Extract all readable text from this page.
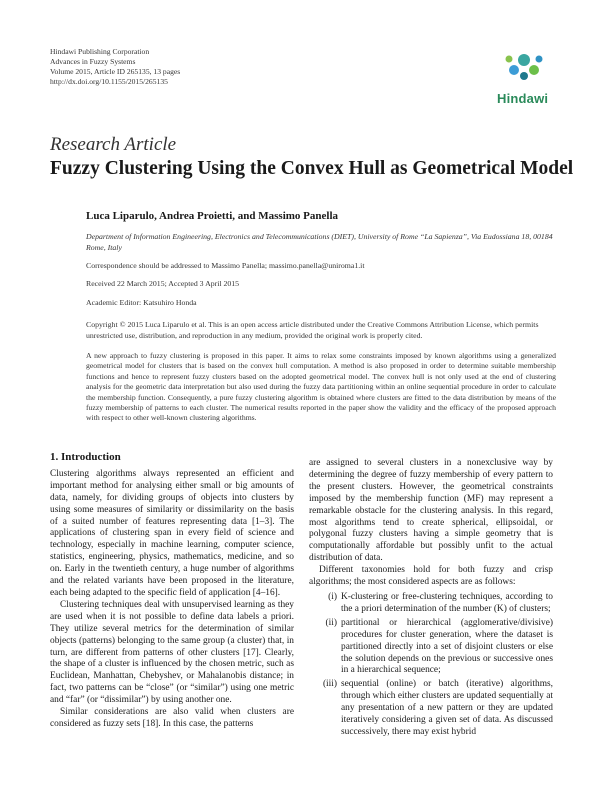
Hindawi Publishing Corporation
Advances in Fuzzy Systems
Volume 2015, Article ID 265135, 13 pages
http://dx.doi.org/10.1155/2015/265135
Hindawi
Research Article
Fuzzy Clustering Using the Convex Hull as Geometrical Model
Luca Liparulo, Andrea Proietti, and Massimo Panella
Department of Information Engineering, Electronics and Telecommunications (DIET), University of Rome “La Sapienza”, Via Eudossiana 18, 00184 Rome, Italy
Correspondence should be addressed to Massimo Panella; massimo.panella@uniroma1.it
Received 22 March 2015; Accepted 3 April 2015
Academic Editor: Katsuhiro Honda
Copyright © 2015 Luca Liparulo et al. This is an open access article distributed under the Creative Commons Attribution License, which permits unrestricted use, distribution, and reproduction in any medium, provided the original work is properly cited.
A new approach to fuzzy clustering is proposed in this paper. It aims to relax some constraints imposed by known algorithms using a generalized geometrical model for clusters that is based on the convex hull computation. A method is also proposed in order to determine suitable membership functions and hence to represent fuzzy clusters based on the adopted geometrical model. The convex hull is not only used at the end of clustering analysis for the geometric data interpretation but also used during the fuzzy data partitioning within an online sequential procedure in order to calculate the membership function. Consequently, a pure fuzzy clustering algorithm is obtained where clusters are fitted to the data distribution by means of the fuzzy membership of patterns to each cluster. The numerical results reported in the paper show the validity and the efficacy of the proposed approach with respect to other well-known clustering algorithms.
1. Introduction

Clustering algorithms always represented an efficient and important method for analysing either small or big amounts of data, namely, for dividing groups of objects into clusters by using some measures of similarity or dissimilarity on the basis of a suited number of features representing data [1–3]. The applications of clustering span in every field of science and technology, especially in machine learning, computer science, statistics, engineering, physics, mathematics, medicine, and so on. Early in the twentieth century, a huge number of algorithms and the related variants have been proposed in the literature, each being adapted to the specific field of application [4–16].

Clustering techniques deal with unsupervised learning as they are used when it is not possible to define data labels a priori. They utilize several metrics for the determination of similar objects (patterns) belonging to the same group (a cluster) that, in turn, are different from patterns of other clusters [17]. Clearly, the shape of a cluster is influenced by the chosen metric, such as Euclidean, Manhattan, Chebyshev, or Mahalanobis distance; in fact, two patterns can be “close” (or “similar”) using one metric and “far” (or “dissimilar”) by using another one.

Similar considerations are also valid when clusters are considered as fuzzy sets [18]. In this case, the patterns

are assigned to several clusters in a nonexclusive way by determining the degree of fuzzy membership of every pattern to the present clusters. However, the geometrical constraints imposed by the membership function (MF) may represent a remarkable obstacle for the clustering analysis. In this regard, most algorithms tend to create spherical, ellipsoidal, or polygonal fuzzy clusters having a simple geometry that is computationally affordable but possibly unfit to the actual distribution of data.

Different taxonomies hold for both fuzzy and crisp algorithms; the most considered aspects are as follows:

(i) K-clustering or free-clustering techniques, according to the a priori determination of the number (K) of clusters;
(ii) partitional or hierarchical (agglomerative/divisive) procedures for cluster generation, where the dataset is partitioned directly into a set of disjoint clusters or else the solution depends on the previous or successive ones in a hierarchical sequence;
(iii) sequential (online) or batch (iterative) algorithms, through which either clusters are updated sequentially at any presentation of a new pattern or they are updated iteratively considering a given set of data. As discussed successively, there may exist hybrid
